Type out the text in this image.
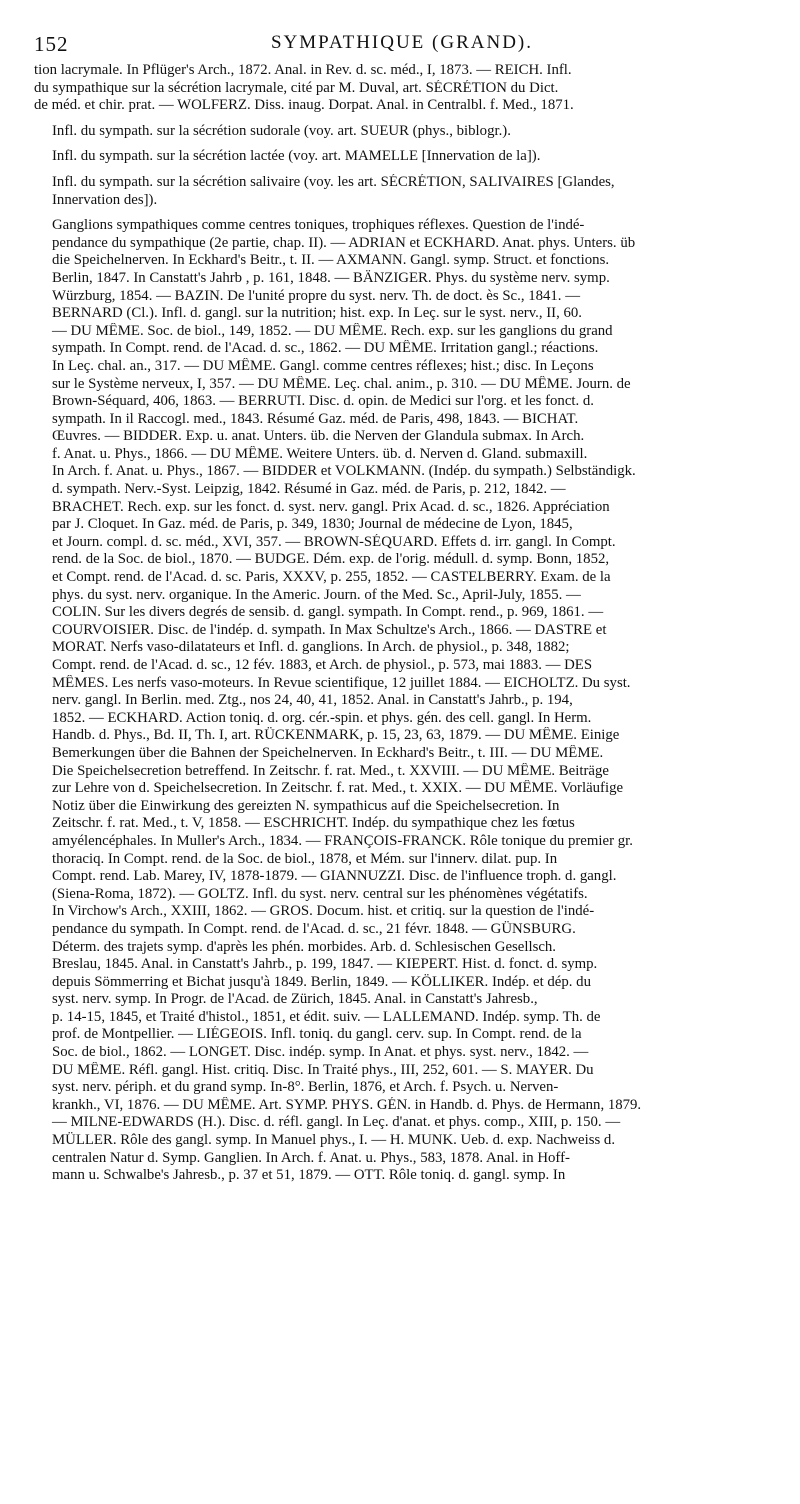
152	SYMPATHIQUE (GRAND).

tion lacrymale. In Pflüger's Arch., 1872. Anal. in Rev. d. sc. méd., I, 1873. — REICH. Infl.
du sympathique sur la sécrétion lacrymale, cité par M. Duval, art. SÉCRÉTION du Dict.
de méd. et chir. prat. — WOLFERZ. Diss. inaug. Dorpat. Anal. in Centralbl. f. Med., 1871.

Infl. du sympath. sur la sécrétion sudorale (voy. art. SUEUR (phys., biblogr.).

Infl. du sympath. sur la sécrétion lactée (voy. art. MAMELLE [Innervation de la]).

Infl. du sympath. sur la sécrétion salivaire (voy. les art. SÉCRÉTION, SALIVAIRES [Glandes,
Innervation des]).

Ganglions sympathiques comme centres toniques, trophiques réflexes. Question de l'indé-
pendance du sympathique (2e partie, chap. II). — ADRIAN et ECKHARD. Anat. phys. Unters. üb
die Speichelnerven. In Eckhard's Beitr., t. II. — AXMANN. Gangl. symp. Struct. et fonctions.
Berlin, 1847. In Canstatt's Jahrb , p. 161, 1848. — BÄNZIGER. Phys. du système nerv. symp.
Würzburg, 1854. — BAZIN. De l'unité propre du syst. nerv. Th. de doct. ès Sc., 1841. —
BERNARD (Cl.). Infl. d. gangl. sur la nutrition; hist. exp. In Leç. sur le syst. nerv., II, 60.
— DU MÊME. Soc. de biol., 149, 1852. — DU MÊME. Rech. exp. sur les ganglions du grand
sympath. In Compt. rend. de l'Acad. d. sc., 1862. — DU MÊME. Irritation gangl.; réactions.
In Leç. chal. an., 317. — DU MÊME. Gangl. comme centres réflexes; hist.; disc. In Leçons
sur le Système nerveux, I, 357. — DU MÊME. Leç. chal. anim., p. 310. — DU MÊME. Journ. de
Brown-Séquard, 406, 1863. — BERRUTI. Disc. d. opin. de Medici sur l'org. et les fonct. d.
sympath. In il Raccogl. med., 1843. Résumé Gaz. méd. de Paris, 498, 1843. — BICHAT.
Œuvres. — BIDDER. Exp. u. anat. Unters. üb. die Nerven der Glandula submax. In Arch.
f. Anat. u. Phys., 1866. — DU MÊME. Weitere Unters. üb. d. Nerven d. Gland. submaxill.
In Arch. f. Anat. u. Phys., 1867. — BIDDER et VOLKMANN. (Indép. du sympath.) Selbständigk.
d. sympath. Nerv.-Syst. Leipzig, 1842. Résumé in Gaz. méd. de Paris, p. 212, 1842. —
BRACHET. Rech. exp. sur les fonct. d. syst. nerv. gangl. Prix Acad. d. sc., 1826. Appréciation
par J. Cloquet. In Gaz. méd. de Paris, p. 349, 1830; Journal de médecine de Lyon, 1845,
et Journ. compl. d. sc. méd., XVI, 357. — BROWN-SÉQUARD. Effets d. irr. gangl. In Compt.
rend. de la Soc. de biol., 1870. — BUDGE. Dém. exp. de l'orig. médull. d. symp. Bonn, 1852,
et Compt. rend. de l'Acad. d. sc. Paris, XXXV, p. 255, 1852. — CASTELBERRY. Exam. de la
phys. du syst. nerv. organique. In the Americ. Journ. of the Med. Sc., April-July, 1855. —
COLIN. Sur les divers degrés de sensib. d. gangl. sympath. In Compt. rend., p. 969, 1861. —
COURVOISIER. Disc. de l'indép. d. sympath. In Max Schultze's Arch., 1866. — DASTRE et
MORAT. Nerfs vaso-dilatateurs et Infl. d. ganglions. In Arch. de physiol., p. 348, 1882;
Compt. rend. de l'Acad. d. sc., 12 fév. 1883, et Arch. de physiol., p. 573, mai 1883. — DES
MÊMES. Les nerfs vaso-moteurs. In Revue scientifique, 12 juillet 1884. — EICHOLTZ. Du syst.
nerv. gangl. In Berlin. med. Ztg., nos 24, 40, 41, 1852. Anal. in Canstatt's Jahrb., p. 194,
1852. — ECKHARD. Action toniq. d. org. cér.-spin. et phys. gén. des cell. gangl. In Herm.
Handb. d. Phys., Bd. II, Th. I, art. RÜCKENMARK, p. 15, 23, 63, 1879. — DU MÊME. Einige
Bemerkungen über die Bahnen der Speichelnerven. In Eckhard's Beitr., t. III. — DU MÊME.
Die Speichelsecretion betreffend. In Zeitschr. f. rat. Med., t. XXVIII. — DU MÊME. Beiträge
zur Lehre von d. Speichelsecretion. In Zeitschr. f. rat. Med., t. XXIX. — DU MÊME. Vorläufige
Notiz über die Einwirkung des gereizten N. sympathicus auf die Speichelsecretion. In
Zeitschr. f. rat. Med., t. V, 1858. — ESCHRICHT. Indép. du sympathique chez les fœtus
amyélencéphales. In Muller's Arch., 1834. — FRANÇOIS-FRANCK. Rôle tonique du premier gr.
thoraciq. In Compt. rend. de la Soc. de biol., 1878, et Mém. sur l'innerv. dilat. pup. In
Compt. rend. Lab. Marey, IV, 1878-1879. — GIANNUZZI. Disc. de l'influence troph. d. gangl.
(Siena-Roma, 1872). — GOLTZ. Infl. du syst. nerv. central sur les phénomènes végétatifs.
In Virchow's Arch., XXIII, 1862. — GROS. Docum. hist. et critiq. sur la question de l'indé-
pendance du sympath. In Compt. rend. de l'Acad. d. sc., 21 févr. 1848. — GÜNSBURG.
Déterm. des trajets symp. d'après les phén. morbides. Arb. d. Schlesischen Gesellsch.
Breslau, 1845. Anal. in Canstatt's Jahrb., p. 199, 1847. — KIEPERT. Hist. d. fonct. d. symp.
depuis Sömmerring et Bichat jusqu'à 1849. Berlin, 1849. — KÖLLIKER. Indép. et dép. du
syst. nerv. symp. In Progr. de l'Acad. de Zürich, 1845. Anal. in Canstatt's Jahresb.,
p. 14-15, 1845, et Traité d'histol., 1851, et édit. suiv. — LALLEMAND. Indép. symp. Th. de
prof. de Montpellier. — LIÉGEOIS. Infl. toniq. du gangl. cerv. sup. In Compt. rend. de la
Soc. de biol., 1862. — LONGET. Disc. indép. symp. In Anat. et phys. syst. nerv., 1842. —
DU MÊME. Réfl. gangl. Hist. critiq. Disc. In Traité phys., III, 252, 601. — S. MAYER. Du
syst. nerv. périph. et du grand symp. In-8°. Berlin, 1876, et Arch. f. Psych. u. Nerven-
krankh., VI, 1876. — DU MÊME. Art. SYMP. PHYS. GÉN. in Handb. d. Phys. de Hermann, 1879.
— MILNE-EDWARDS (H.). Disc. d. réfl. gangl. In Leç. d'anat. et phys. comp., XIII, p. 150. —
MÜLLER. Rôle des gangl. symp. In Manuel phys., I. — H. MUNK. Ueb. d. exp. Nachweiss d.
centralen Natur d. Symp. Ganglien. In Arch. f. Anat. u. Phys., 583, 1878. Anal. in Hoff-
mann u. Schwalbe's Jahresb., p. 37 et 51, 1879. — OTT. Rôle toniq. d. gangl. symp. In
